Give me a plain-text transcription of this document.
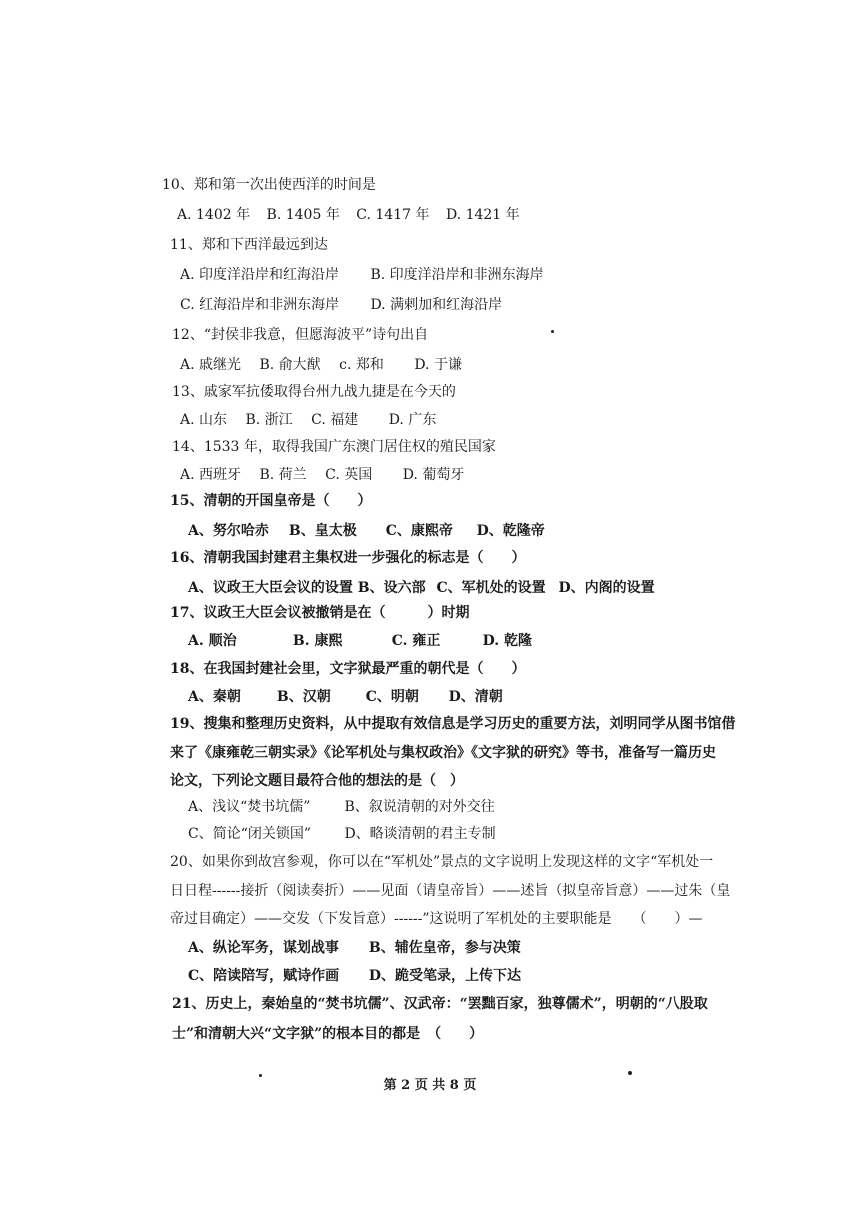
10、郑和第一次出使西洋的时间是
A. 1402 年 B. 1405 年 C. 1417 年 D. 1421 年
11、郑和下西洋最远到达
A. 印度洋沿岸和红海沿岸 B. 印度洋沿岸和非洲东海岸
C. 红海沿岸和非洲东海岸 D. 满剌加和红海沿岸
12、“封侯非我意，但愿海波平”诗句出自
A. 戚继光 B. 俞大猷 c. 郑和 D. 于谦
13、戚家军抗倭取得台州九战九捷是在今天的
A. 山东 B. 浙江 C. 福建 D. 广东
14、1533 年，取得我国广东澳门居住权的殖民国家
A. 西班牙 B. 荷兰 C. 英国 D. 葡萄牙
15、清朝的开国皇帝是（　　）
A、努尔哈赤 B、皇太极 C、康熙帝 D、乾隆帝
16、清朝我国封建君主集权进一步强化的标志是（　　）
A、议政王大臣会议的设置 B、设六部 C、军机处的设置 D、内阁的设置
17、议政王大臣会议被撤销是在（　　　）时期
A. 顺治	B. 康熙	C. 雍正	D. 乾隆
18、在我国封建社会里，文字狱最严重的朝代是（　　）
A、秦朝	B、汉朝	C、明朝 D、清朝
19、搜集和整理历史资料，从中提取有效信息是学习历史的重要方法，刘明同学从图书馆借
来了《康雍乾三朝实录》《论军机处与集权政治》《文字狱的研究》等书，准备写一篇历史
论文，下列论文题目最符合他的想法的是（　）
A、浅议“焚书坑儒” B、叙说清朝的对外交往
C、简论“闭关锁国” D、略谈清朝的君主专制
20、如果你到故宫参观，你可以在“军机处”景点的文字说明上发现这样的文字“军机处一
日日程------接折（阅读奏折）——见面（请皇帝旨）——述旨（拟皇帝旨意）——过朱（皇
帝过目确定）——交发（下发旨意）------”这说明了军机处的主要职能是　　（　　）—
A、纵论军务，谋划战事 B、辅佐皇帝，参与决策
C、陪读陪写，赋诗作画 D、跪受笔录，上传下达
21、历史上，秦始皇的“焚书坑儒”、汉武帝：“罢黜百家，独尊儒术”，明朝的“八股取
士”和清朝大兴“文字狱”的根本目的都是　（　　）
第 2 页 共 8 页
